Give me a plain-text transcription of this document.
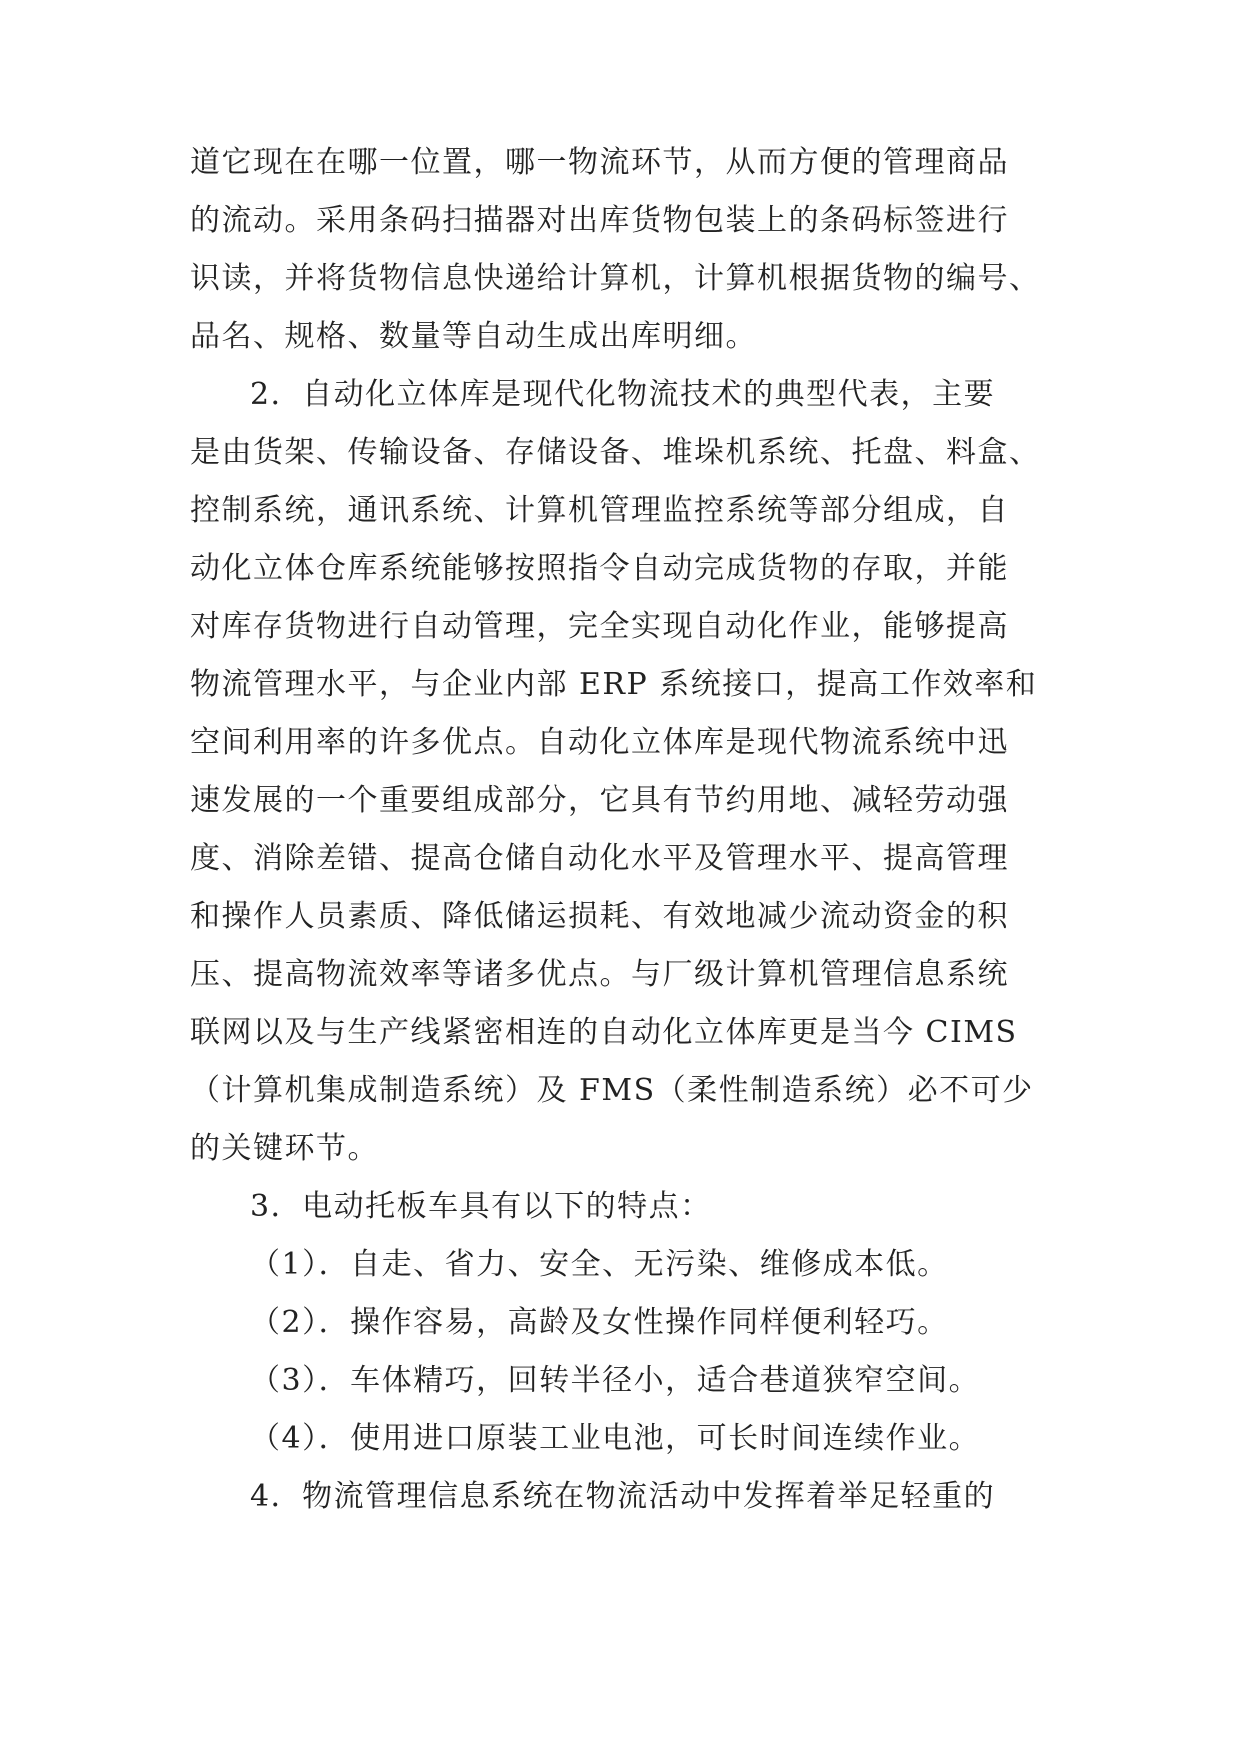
道它现在在哪一位置，哪一物流环节，从而方便的管理商品
的流动。采用条码扫描器对出库货物包装上的条码标签进行
识读，并将货物信息快递给计算机，计算机根据货物的编号、
品名、规格、数量等自动生成出库明细。
2．自动化立体库是现代化物流技术的典型代表，主要
是由货架、传输设备、存储设备、堆垛机系统、托盘、料盒、
控制系统，通讯系统、计算机管理监控系统等部分组成，自
动化立体仓库系统能够按照指令自动完成货物的存取，并能
对库存货物进行自动管理，完全实现自动化作业，能够提高
物流管理水平，与企业内部 ERP 系统接口，提高工作效率和
空间利用率的许多优点。自动化立体库是现代物流系统中迅
速发展的一个重要组成部分，它具有节约用地、减轻劳动强
度、消除差错、提高仓储自动化水平及管理水平、提高管理
和操作人员素质、降低储运损耗、有效地减少流动资金的积
压、提高物流效率等诸多优点。与厂级计算机管理信息系统
联网以及与生产线紧密相连的自动化立体库更是当今 CIMS
（计算机集成制造系统）及 FMS（柔性制造系统）必不可少
的关键环节。
3．电动托板车具有以下的特点：
（1）．自走、省力、安全、无污染、维修成本低。
（2）．操作容易，高龄及女性操作同样便利轻巧。
（3）．车体精巧，回转半径小，适合巷道狭窄空间。
（4）．使用进口原装工业电池，可长时间连续作业。
4．物流管理信息系统在物流活动中发挥着举足轻重的
